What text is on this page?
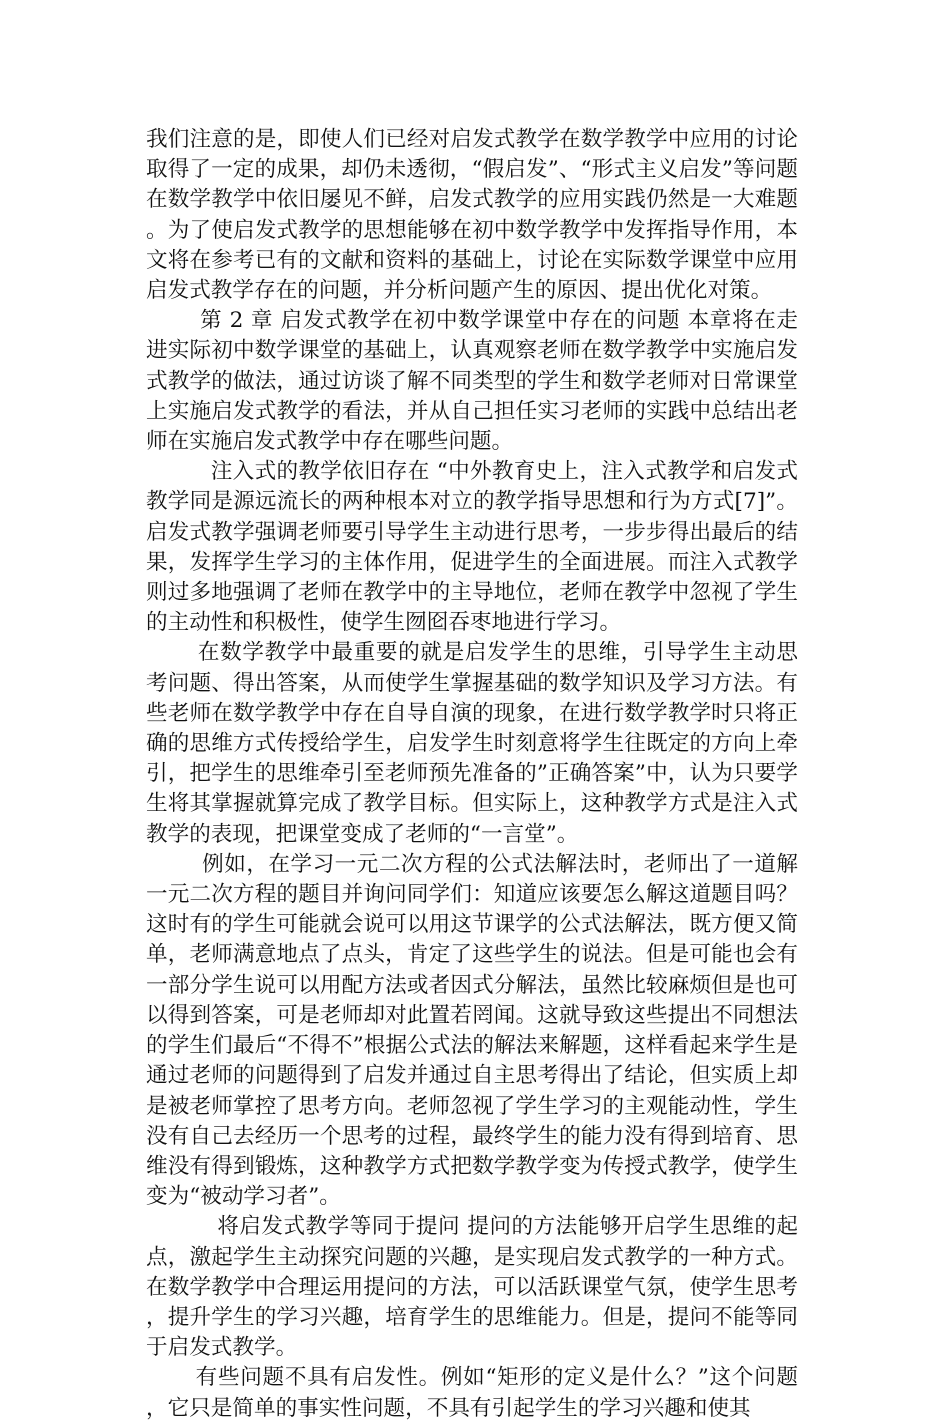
我们注意的是，即使人们已经对启发式教学在数学教学中应用的讨论取得了一定的成果，却仍未透彻，“假启发”、“形式主义启发”等问题在数学教学中依旧屡见不鲜，启发式教学的应用实践仍然是一大难题。为了使启发式教学的思想能够在初中数学教学中发挥指导作用，本文将在参考已有的文献和资料的基础上，讨论在实际数学课堂中应用启发式教学存在的问题，并分析问题产生的原因、提出优化对策。

第 2 章 启发式教学在初中数学课堂中存在的问题 本章将在走进实际初中数学课堂的基础上，认真观察老师在数学教学中实施启发式教学的做法，通过访谈了解不同类型的学生和数学老师对日常课堂上实施启发式教学的看法，并从自己担任实习老师的实践中总结出老师在实施启发式教学中存在哪些问题。

注入式的教学依旧存在 “中外教育史上，注入式教学和启发式教学同是源远流长的两种根本对立的教学指导思想和行为方式[7]”。启发式教学强调老师要引导学生主动进行思考，一步步得出最后的结果，发挥学生学习的主体作用，促进学生的全面进展。而注入式教学则过多地强调了老师在教学中的主导地位，老师在教学中忽视了学生的主动性和积极性，使学生囫囵吞枣地进行学习。

在数学教学中最重要的就是启发学生的思维，引导学生主动思考问题、得出答案，从而使学生掌握基础的数学知识及学习方法。有些老师在数学教学中存在自导自演的现象，在进行数学教学时只将正确的思维方式传授给学生，启发学生时刻意将学生往既定的方向上牵引，把学生的思维牵引至老师预先准备的”正确答案”中，认为只要学生将其掌握就算完成了教学目标。但实际上，这种教学方式是注入式教学的表现，把课堂变成了老师的“一言堂”。

例如，在学习一元二次方程的公式法解法时，老师出了一道解一元二次方程的题目并询问同学们：知道应该要怎么解这道题目吗？这时有的学生可能就会说可以用这节课学的公式法解法，既方便又简单，老师满意地点了点头，肯定了这些学生的说法。但是可能也会有一部分学生说可以用配方法或者因式分解法，虽然比较麻烦但是也可以得到答案，可是老师却对此置若罔闻。这就导致这些提出不同想法的学生们最后“不得不”根据公式法的解法来解题，这样看起来学生是通过老师的问题得到了启发并通过自主思考得出了结论，但实质上却是被老师掌控了思考方向。老师忽视了学生学习的主观能动性，学生没有自己去经历一个思考的过程，最终学生的能力没有得到培育、思维没有得到锻炼，这种教学方式把数学教学变为传授式教学，使学生变为“被动学习者”。

将启发式教学等同于提问 提问的方法能够开启学生思维的起点，激起学生主动探究问题的兴趣，是实现启发式教学的一种方式。在数学教学中合理运用提问的方法，可以活跃课堂气氛，使学生思考，提升学生的学习兴趣，培育学生的思维能力。但是，提问不能等同于启发式教学。

有些问题不具有启发性。例如“矩形的定义是什么？”这个问题，它只是简单的事实性问题，不具有引起学生的学习兴趣和使其
